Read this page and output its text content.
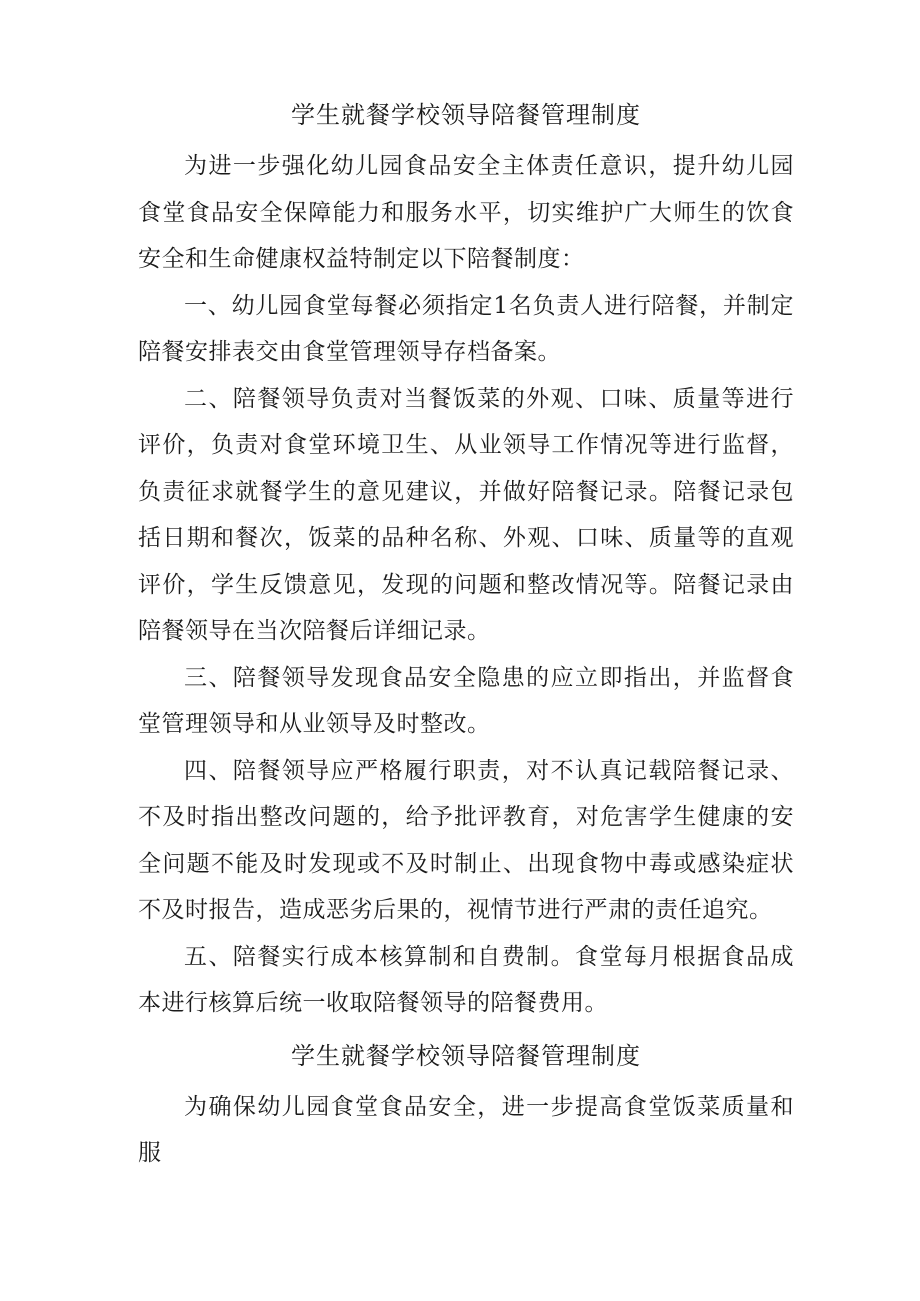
学生就餐学校领导陪餐管理制度

为进一步强化幼儿园食品安全主体责任意识，提升幼儿园食堂食品安全保障能力和服务水平，切实维护广大师生的饮食安全和生命健康权益特制定以下陪餐制度：

一、幼儿园食堂每餐必须指定1名负责人进行陪餐，并制定陪餐安排表交由食堂管理领导存档备案。

二、陪餐领导负责对当餐饭菜的外观、口味、质量等进行评价，负责对食堂环境卫生、从业领导工作情况等进行监督，负责征求就餐学生的意见建议，并做好陪餐记录。陪餐记录包括日期和餐次，饭菜的品种名称、外观、口味、质量等的直观评价，学生反馈意见，发现的问题和整改情况等。陪餐记录由陪餐领导在当次陪餐后详细记录。

三、陪餐领导发现食品安全隐患的应立即指出，并监督食堂管理领导和从业领导及时整改。

四、陪餐领导应严格履行职责，对不认真记载陪餐记录、不及时指出整改问题的，给予批评教育，对危害学生健康的安全问题不能及时发现或不及时制止、出现食物中毒或感染症状不及时报告，造成恶劣后果的，视情节进行严肃的责任追究。

五、陪餐实行成本核算制和自费制。食堂每月根据食品成本进行核算后统一收取陪餐领导的陪餐费用。

学生就餐学校领导陪餐管理制度

为确保幼儿园食堂食品安全，进一步提高食堂饭菜质量和服
